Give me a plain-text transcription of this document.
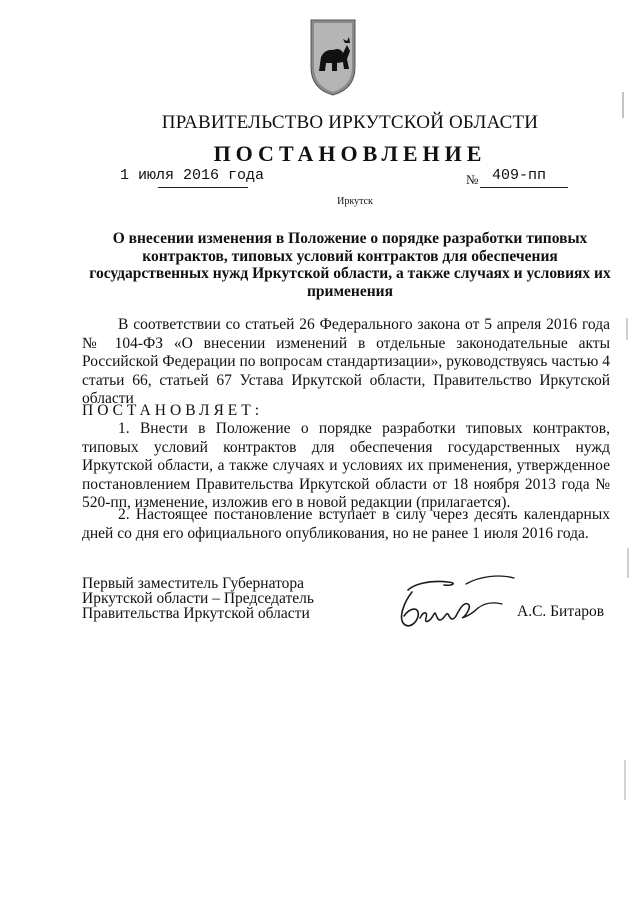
ПРАВИТЕЛЬСТВО ИРКУТСКОЙ ОБЛАСТИ
ПОСТАНОВЛЕНИЕ
1 июля 2016 года	№ 409-пп
Иркутск
О внесении изменения в Положение о порядке разработки типовых контрактов, типовых условий контрактов для обеспечения государственных нужд Иркутской области, а также случаях и условиях их применения
В соответствии со статьей 26 Федерального закона от 5 апреля 2016 года № 104-ФЗ «О внесении изменений в отдельные законодательные акты Российской Федерации по вопросам стандартизации», руководствуясь частью 4 статьи 66, статьей 67 Устава Иркутской области, Правительство Иркутской области
ПОСТАНОВЛЯЕТ:
1. Внести в Положение о порядке разработки типовых контрактов, типовых условий контрактов для обеспечения государственных нужд Иркутской области, а также случаях и условиях их применения, утвержденное постановлением Правительства Иркутской области от 18 ноября 2013 года № 520-пп, изменение, изложив его в новой редакции (прилагается).
2. Настоящее постановление вступает в силу через десять календарных дней со дня его официального опубликования, но не ранее 1 июля 2016 года.
Первый заместитель Губернатора
Иркутской области – Председатель
Правительства Иркутской области	А.С. Битаров
